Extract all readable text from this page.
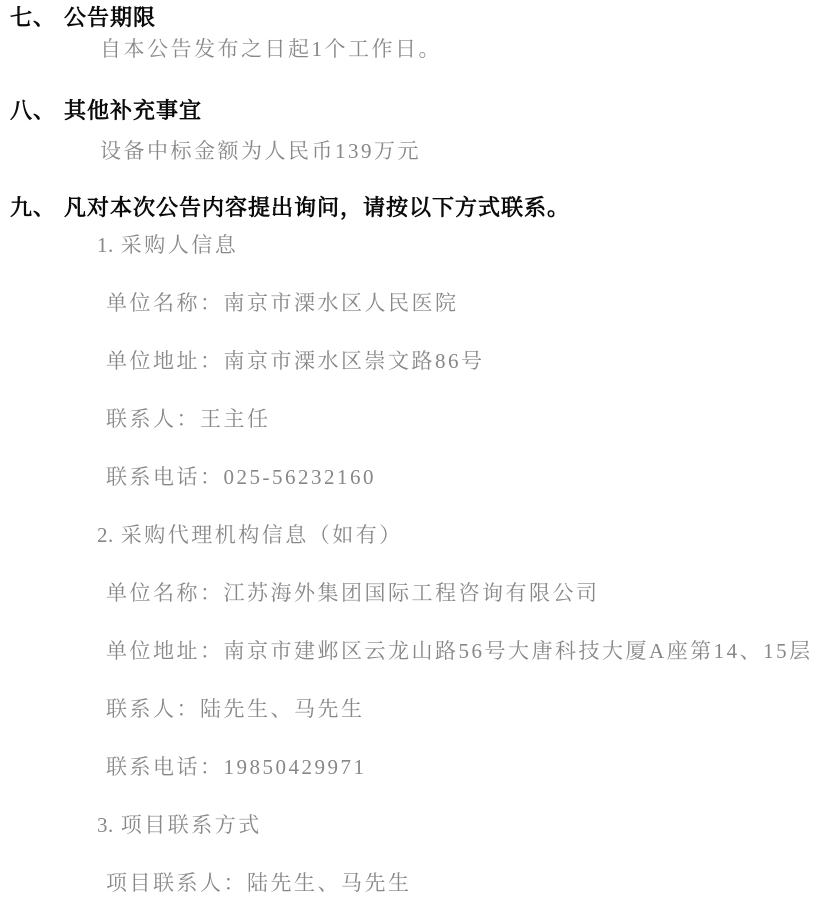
七、 公告期限

自本公告发布之日起1个工作日。

八、 其他补充事宜

设备中标金额为人民币139万元

九、 凡对本次公告内容提出询问，请按以下方式联系。

1. 采购人信息

单位名称：南京市溧水区人民医院

单位地址：南京市溧水区崇文路86号

联系人：王主任

联系电话：025-56232160

2. 采购代理机构信息（如有）

单位名称：江苏海外集团国际工程咨询有限公司

单位地址：南京市建邺区云龙山路56号大唐科技大厦A座第14、15层

联系人：陆先生、马先生

联系电话：19850429971

3. 项目联系方式

项目联系人：陆先生、马先生
